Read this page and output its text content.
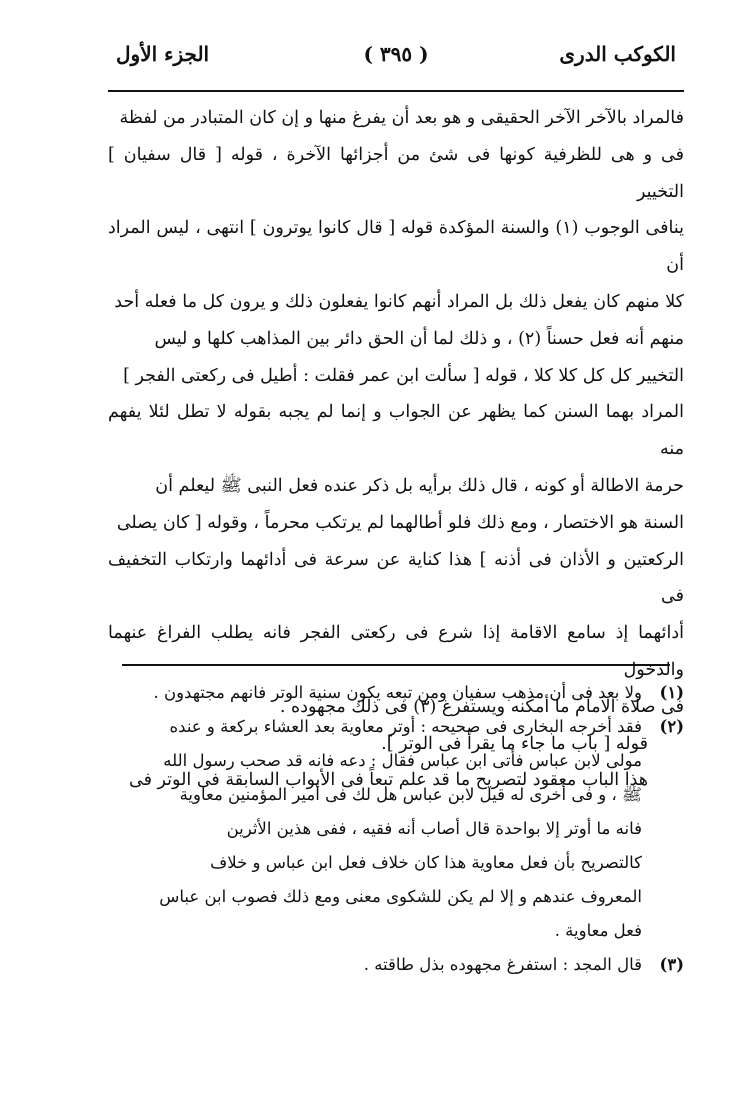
الكوكب الدرى
( ٣٩٥ )
الجزء الأول

فالمراد بالآخر الآخر الحقيقى و هو بعد أن يفرغ منها و إن كان المتبادر من لفظة

فى و هى للظرفية كونها فى شئ من أجزائها الآخرة ، قوله [ قال سفيان ] التخيير

ينافى الوجوب (١) والسنة المؤكدة قوله [ قال كانوا يوترون ] انتهى ، ليس المراد أن

كلا منهم كان يفعل ذلك بل المراد أنهم كانوا يفعلون ذلك و يرون كل ما فعله أحد

منهم أنه فعل حسناً (٢) ، و ذلك لما أن الحق دائر بين المذاهب كلها و ليس

التخيير كل كل كلا كلا ، قوله [ سألت ابن عمر فقلت : أطيل فى ركعتى الفجر ]

المراد بهما السنن كما يظهر عن الجواب و إنما لم يجبه بقوله لا تطل لئلا يفهم منه

حرمة الاطالة أو كونه ، قال ذلك برأيه بل ذكر عنده فعل النبى ﷺ ليعلم أن

السنة هو الاختصار ، ومع ذلك فلو أطالهما لم يرتكب محرماً ، وقوله [ كان يصلى

الركعتين و الأذان فى أذنه ] هذا كناية عن سرعة فى أدائهما وارتكاب التخفيف فى

أدائهما إذ سامع الاقامة إذا شرع فى ركعتى الفجر فانه يطلب الفراغ عنهما والدخول

فى صلاة الامام ما أمكنه ويستفرغ (٣) فى ذلك مجهوده .

قوله [ باب ما جاء ما يقرأ فى الوتر ].

هذا الباب معقود لتصريح ما قد علم تبعاً فى الأبواب السابقة فى الوتر فى

(١)
ولا بعد فى أن مذهب سفيان ومن تبعه يكون سنية الوتر فانهم مجتهدون .
(٢)
فقد أخرجه البخارى فى صحيحه : أوتر معاوية بعد العشاء بركعة و عنده
مولى لابن عباس فأتى ابن عباس فقال : دعه فانه قد صحب رسول الله
ﷺ ، و فى أخرى له قيل لابن عباس هل لك فى أمير المؤمنين معاوية
فانه ما أوتر إلا بواحدة قال أصاب أنه فقيه ، ففى هذين الأثرين
كالتصريح بأن فعل معاوية هذا كان خلاف فعل ابن عباس و خلاف
المعروف عندهم و إلا لم يكن للشكوى معنى ومع ذلك فصوب ابن عباس
فعل معاوية .
(٣)
قال المجد : استفرغ مجهوده بذل طاقته .
